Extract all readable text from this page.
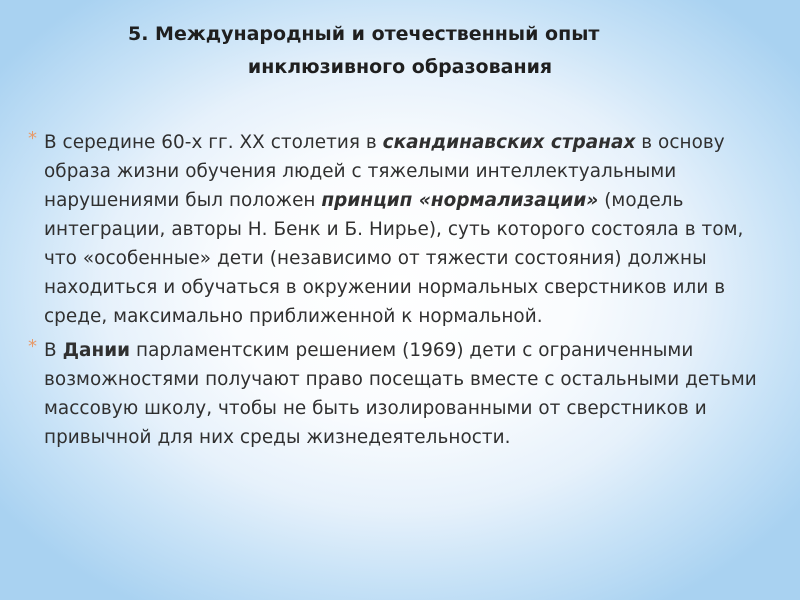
5. Международный и отечественный опыт
инклюзивного образования

* В середине 60-х гг. ХХ столетия в скандинавских странах в основу образа жизни обучения людей с тяжелыми интеллектуальными нарушениями был положен принцип «нормализации» (модель интеграции, авторы Н. Бенк и Б. Нирье), суть которого состояла в том, что «особенные» дети (независимо от тяжести состояния) должны находиться и обучаться в окружении нормальных сверстников или в среде, максимально приближенной к нормальной.

* В Дании парламентским решением (1969) дети с ограниченными возможностями получают право посещать вместе с остальными детьми массовую школу, чтобы не быть изолированными от сверстников и привычной для них среды жизнедеятельности.
